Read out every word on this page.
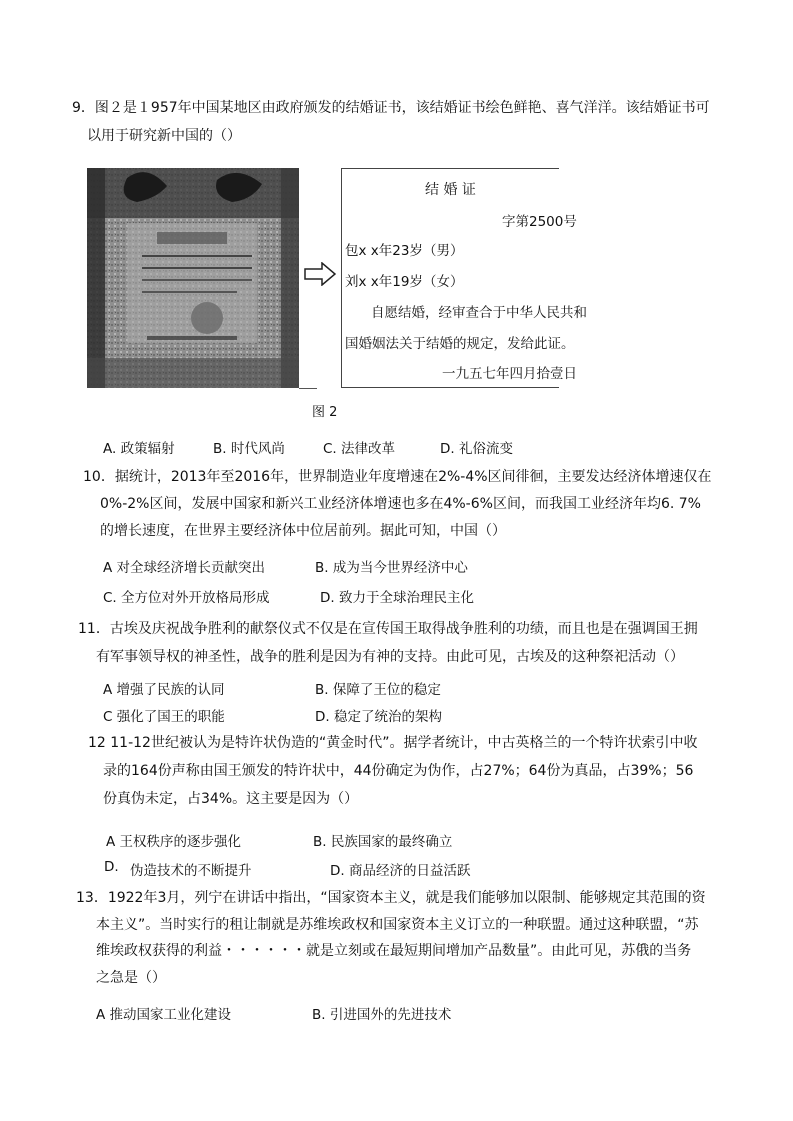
9．图２是１957年中国某地区由政府颁发的结婚证书，该结婚证书绘色鲜艳、喜气洋洋。该结婚证书可
以用于研究新中国的（）
结 婚 证
字第2500号
包x x年23岁（男）
刘x x年19岁（女）
自愿结婚，经审查合于中华人民共和
国婚姻法关于结婚的规定，发给此证。
一九五七年四月拾壹日
图 2
A. 政策辐射	B. 时代风尚	C. 法律改革	D. 礼俗流变
10．据统计，2013年至2016年，世界制造业年度增速在2%-4%区间徘徊，主要发达经济体增速仅在
0%-2%区间，发展中国家和新兴工业经济体增速也多在4%-6%区间，而我国工业经济年均6. 7%
的增长速度，在世界主要经济体中位居前列。据此可知，中国（）
A 对全球经济增长贡献突出	B. 成为当今世界经济中心
C. 全方位对外开放格局形成	D. 致力于全球治理民主化
11．古埃及庆祝战争胜利的献祭仪式不仅是在宣传国王取得战争胜利的功绩，而且也是在强调国王拥
有军事领导权的神圣性，战争的胜利是因为有神的支持。由此可见，古埃及的这种祭祀活动（）
A 增强了民族的认同	B. 保障了王位的稳定
C 强化了国王的职能	D. 稳定了统治的架构
12 11-12世纪被认为是特许状伪造的“黄金时代”。据学者统计，中古英格兰的一个特许状索引中收
录的164份声称由国王颁发的特许状中，44份确定为伪作，占27%；64份为真品，占39%；56
份真伪未定，占34%。这主要是因为（）
A 王权秩序的逐步强化	B. 民族国家的最终确立
D. 伪造技术的不断提升	D. 商品经济的日益活跃
13．1922年3月，列宁在讲话中指出，“国家资本主义，就是我们能够加以限制、能够规定其范围的资
本主义”。当时实行的租让制就是苏维埃政权和国家资本主义订立的一种联盟。通过这种联盟，“苏
维埃政权获得的利益・・・・・・就是立刻或在最短期间增加产品数量”。由此可见，苏俄的当务
之急是（）
A 推动国家工业化建设	B. 引进国外的先进技术
